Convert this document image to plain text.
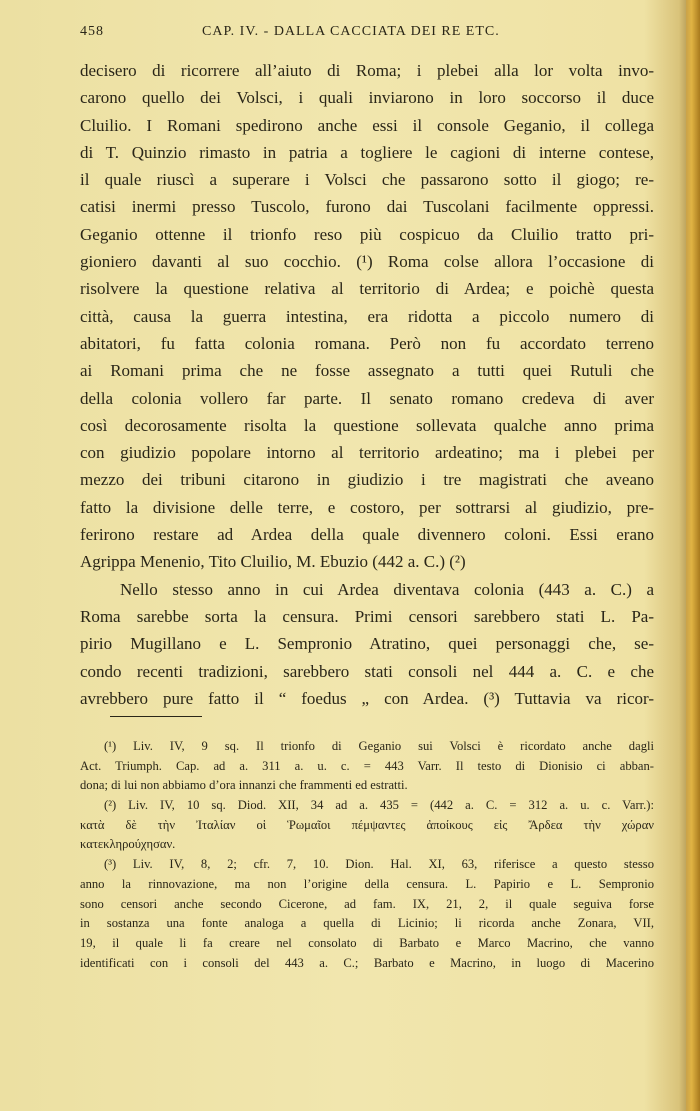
458	CAP. IV. - DALLA CACCIATA DEI RE ETC.
decisero di ricorrere all’aiuto di Roma; i plebei alla lor volta invo-
carono quello dei Volsci, i quali inviarono in loro soccorso il duce
Cluilio. I Romani spedirono anche essi il console Geganio, il collega
di T. Quinzio rimasto in patria a togliere le cagioni di interne contese,
il quale riuscì a superare i Volsci che passarono sotto il giogo; re-
catisi inermi presso Tuscolo, furono dai Tuscolani facilmente oppressi.
Geganio ottenne il trionfo reso più cospicuo da Cluilio tratto pri-
gioniero davanti al suo cocchio. (¹) Roma colse allora l’occasione di
risolvere la questione relativa al territorio di Ardea; e poichè questa
città, causa la guerra intestina, era ridotta a piccolo numero di
abitatori, fu fatta colonia romana. Però non fu accordato terreno
ai Romani prima che ne fosse assegnato a tutti quei Rutuli che
della colonia vollero far parte. Il senato romano credeva di aver
così decorosamente risolta la questione sollevata qualche anno prima
con giudizio popolare intorno al territorio ardeatino; ma i plebei per
mezzo dei tribuni citarono in giudizio i tre magistrati che aveano
fatto la divisione delle terre, e costoro, per sottrarsi al giudizio, pre-
ferirono restare ad Ardea della quale divennero coloni. Essi erano
Agrippa Menenio, Tito Cluilio, M. Ebuzio (442 a. C.) (²)
Nello stesso anno in cui Ardea diventava colonia (443 a. C.) a
Roma sarebbe sorta la censura. Primi censori sarebbero stati L. Pa-
pirio Mugillano e L. Sempronio Atratino, quei personaggi che, se-
condo recenti tradizioni, sarebbero stati consoli nel 444 a. C. e che
avrebbero pure fatto il “ foedus „ con Ardea. (³) Tuttavia va ricor-
(¹) Liv. IV, 9 sq. Il trionfo di Geganio sui Volsci è ricordato anche dagli
Act. Triumph. Cap. ad a. 311 a. u. c. = 443 Varr. Il testo di Dionisio ci abban-
dona; di lui non abbiamo d’ora innanzi che frammenti ed estratti.
(²) Liv. IV, 10 sq. Diod. XII, 34 ad a. 435 = (442 a. C. = 312 a. u. c. Varr.):
κατὰ δὲ τὴν Ἰταλίαν οἱ Ῥωμαῖοι πέμψαντες ἀποίκους εἰς Ἄρδεα τὴν χώραν
κατεκληρούχησαν.
(³) Liv. IV, 8, 2; cfr. 7, 10. Dion. Hal. XI, 63, riferisce a questo stesso
anno la rinnovazione, ma non l’origine della censura. L. Papirio e L. Sempronio
sono censori anche secondo Cicerone, ad fam. IX, 21, 2, il quale seguiva forse
in sostanza una fonte analoga a quella di Licinio; li ricorda anche Zonara, VII,
19, il quale li fa creare nel consolato di Barbato e Marco Macrino, che vanno
identificati con i consoli del 443 a. C.; Barbato e Macrino, in luogo di Macerino
